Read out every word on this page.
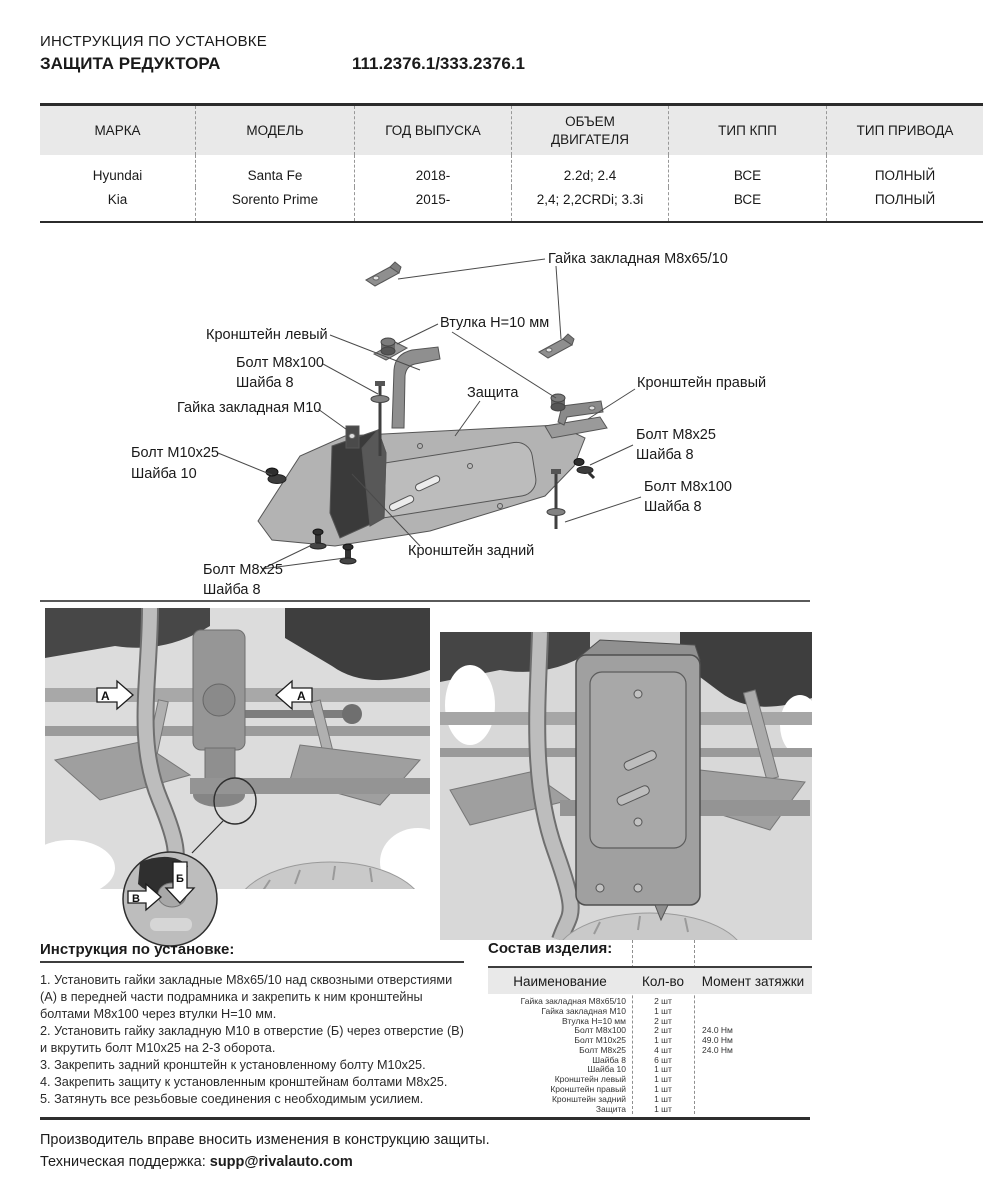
ИНСТРУКЦИЯ ПО УСТАНОВКЕ
ЗАЩИТА РЕДУКТОРА	111.2376.1/333.2376.1
МАРКА	МОДЕЛЬ	ГОД ВЫПУСКА	ОБЪЕМ ДВИГАТЕЛЯ	ТИП КПП	ТИП ПРИВОДА
Hyundai	Santa Fe	2018-	2.2d; 2.4	ВСЕ	ПОЛНЫЙ
Kia	Sorento Prime	2015-	2,4; 2,2CRDi; 3.3i	ВСЕ	ПОЛНЫЙ
Гайка закладная М8х65/10
Втулка Н=10 мм
Кронштейн левый
Болт М8х100
Шайба 8
Защита
Кронштейн правый
Гайка закладная М10
Болт М8х25
Шайба 8
Болт М10х25
Шайба 10
Болт М8х100
Шайба 8
Кронштейн задний
Болт М8х25
Шайба 8
А	А
В
Б
Инструкция по установке:
1. Установить гайки закладные М8х65/10 над сквозными отверстиями (А) в передней части подрамника и закрепить к ним кронштейны болтами М8х100 через втулки Н=10 мм.
2. Установить гайку закладную М10 в отверстие (Б) через отверстие (В) и вкрутить болт М10х25 на 2-3 оборота.
3. Закрепить задний кронштейн к установленному болту М10х25.
4. Закрепить защиту к установленным кронштейнам болтами М8х25.
5. Затянуть все резьбовые соединения с необходимым усилием.
Состав изделия:
Наименование	Кол-во	Момент затяжки
Гайка закладная М8х65/10	2 шт
Гайка закладная М10	1 шт
Втулка Н=10 мм	2 шт
Болт М8х100	2 шт	24.0 Нм
Болт М10х25	1 шт	49.0 Нм
Болт М8х25	4 шт	24.0 Нм
Шайба 8	6 шт
Шайба 10	1 шт
Кронштейн левый	1 шт
Кронштейн правый	1 шт
Кронштейн задний	1 шт
Защита	1 шт
Производитель вправе вносить изменения в конструкцию защиты.
Техническая поддержка: supp@rivalauto.com
